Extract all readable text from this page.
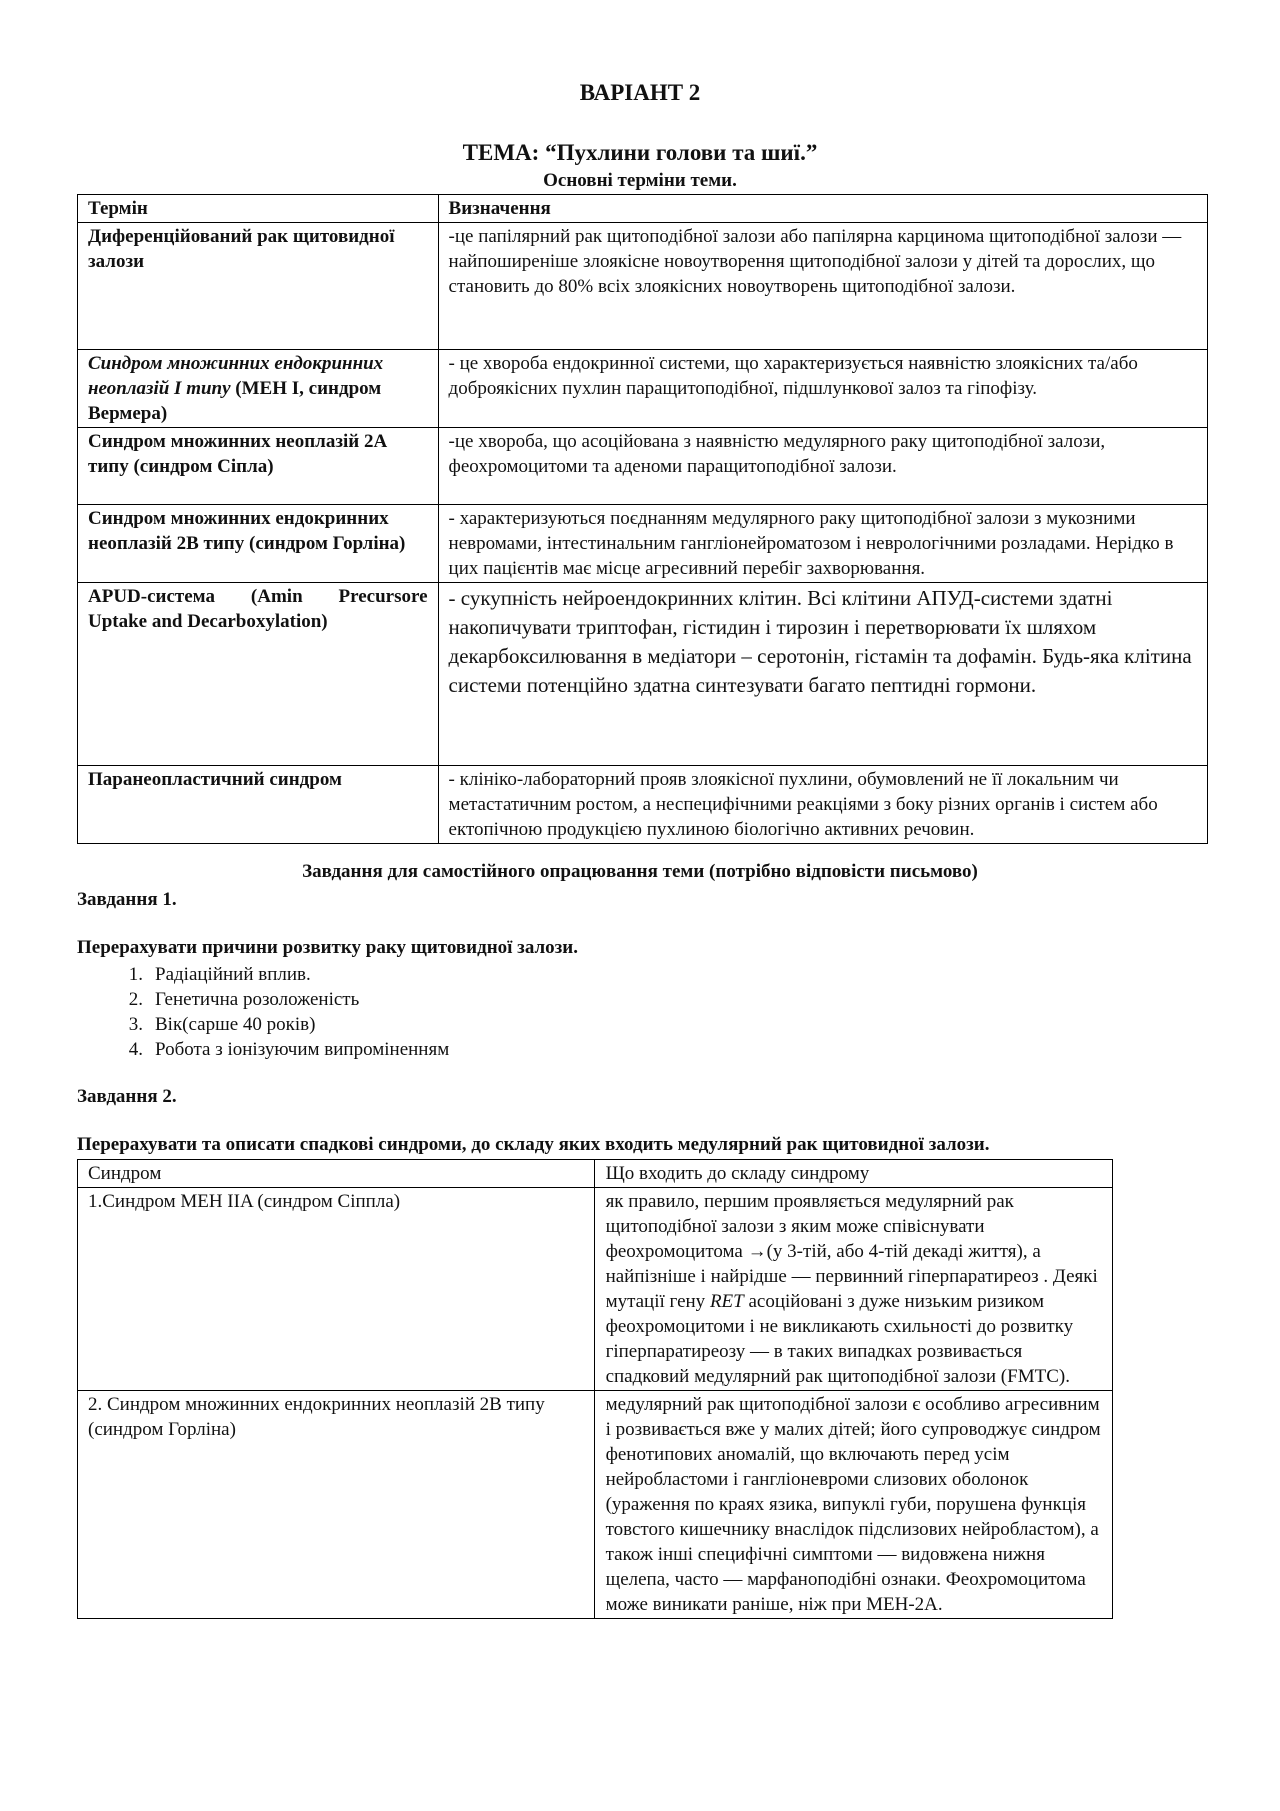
ВАРІАНТ 2
ТЕМА: “Пухлини голови та шиї.”
Основні терміни теми.
Термін	Визначення
Диференційований рак щитовидної залози	-це папілярний рак щитоподібної залози або папілярна карцинома щитоподібної залози — найпоширеніше злоякісне новоутворення щитоподібної залози у дітей та дорослих, що становить до 80% всіх злоякісних новоутворень щитоподібної залози.
Синдром множинних ендокринних неоплазій I типу (МЕН І, синдром Вермера)	- це хвороба ендокринної системи, що характеризується наявністю злоякісних та/або доброякісних пухлин паращитоподібної, підшлункової залоз та гіпофізу.
Синдром множинних неоплазій 2А типу (синдром Сіпла)	-це хвороба, що асоційована з наявністю медулярного раку щитоподібної залози, феохромоцитоми та аденоми паращитоподібної залози.
Синдром множинних ендокринних неоплазій 2В типу (синдром Горліна)	- характеризуються поєднанням медулярного раку щитоподібної залози з мукозними невромами, інтестинальним гангліонейроматозом і неврологічними розладами. Нерідко в цих пацієнтів має місце агресивний перебіг захворювання.
APUD-система (Amin Precursore Uptake and Decarboxylation)	- сукупність нейроендокринних клітин. Всі клітини АПУД-системи здатні накопичувати триптофан, гістидин і тирозин і перетворювати їх шляхом декарбоксилювання в медіатори – серотонін, гістамін та дофамін. Будь-яка клітина системи потенційно здатна синтезувати багато пептидні гормони.
Паранеопластичний синдром	- клініко-лабораторний прояв злоякісної пухлини, обумовлений не її локальним чи метастатичним ростом, а неспецифічними реакціями з боку різних органів і систем або ектопічною продукцією пухлиною біологічно активних речовин.
Завдання для самостійного опрацювання теми (потрібно відповісти письмово)
Завдання 1.
Перерахувати причини розвитку раку щитовидної залози.
1. Радіаційний вплив.
2. Генетична розоложеність
3. Вік(сарше 40 років)
4. Робота з іонізуючим випроміненням
Завдання 2.
Перерахувати та описати спадкові синдроми, до складу яких входить медулярний рак щитовидної залози.
Синдром	Що входить до складу синдрому
1.Синдром МЕН IIA (синдром Сіппла)	як правило, першим проявляється медулярний рак щитоподібної залози з яким може співіснувати феохромоцитома →(у 3-тій, або 4-тій декаді життя), а найпізніше і найрідше — первинний гіперпаратиреоз . Деякі мутації гену RET асоційовані з дуже низьким ризиком феохромоцитоми і не викликають схильності до розвитку гіперпаратиреозу — в таких випадках розвивається спадковий медулярний рак щитоподібної залози (FMTC).
2. Синдром множинних ендокринних неоплазій 2В типу (синдром Горліна)	медулярний рак щитоподібної залози є особливо агресивним і розвивається вже у малих дітей; його супроводжує синдром фенотипових аномалій, що включають перед усім нейробластоми і гангліоневроми слизових оболонок (ураження по краях язика, випуклі губи, порушена функція товстого кишечнику внаслідок підслизових нейробластом), а також інші специфічні симптоми — видовжена нижня щелепа, часто — марфаноподібні ознаки. Феохромоцитома може виникати раніше, ніж при МЕН-2А.
